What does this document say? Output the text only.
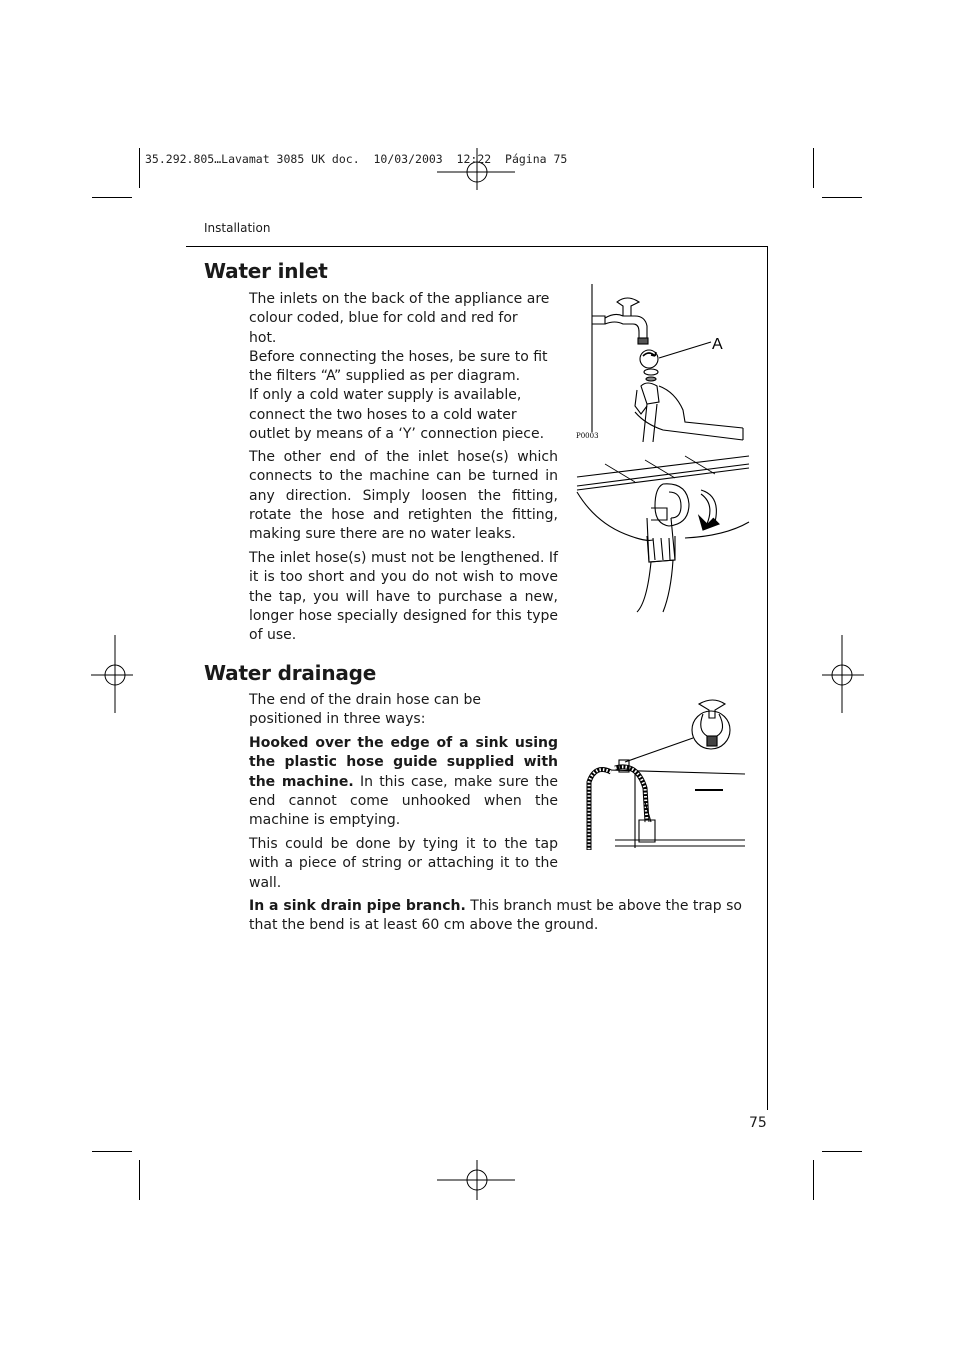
35.292.805…Lavamat 3085 UK doc.  10/03/2003  12:22  Página 75
Installation
Water inlet
The inlets on the back of the appliance are
colour coded, blue for cold and red for
hot.
Before connecting the hoses, be sure to fit
the filters “A” supplied as per diagram.
If only a cold water supply is available,
connect the two hoses to a cold water
outlet by means of a ‘Y’ connection piece.

The other end of the inlet hose(s) which connects to the machine can be turned in any direction. Simply loosen the fitting, rotate the hose and retighten the fitting, making sure there are no water leaks.

The inlet hose(s) must not be lengthened. If it is too short and you do not wish to move the tap, you will have to purchase a new, longer hose specially designed for this type of use.

Water drainage

The end of the drain hose can be positioned in three ways:

Hooked over the edge of a sink using the plastic hose guide supplied with the machine. In this case, make sure the end cannot come unhooked when the machine is emptying.

This could be done by tying it to the tap with a piece of string or attaching it to the wall.

In a sink drain pipe branch. This branch must be above the trap so that the bend is at least 60 cm above the ground.
75
A
P0003
